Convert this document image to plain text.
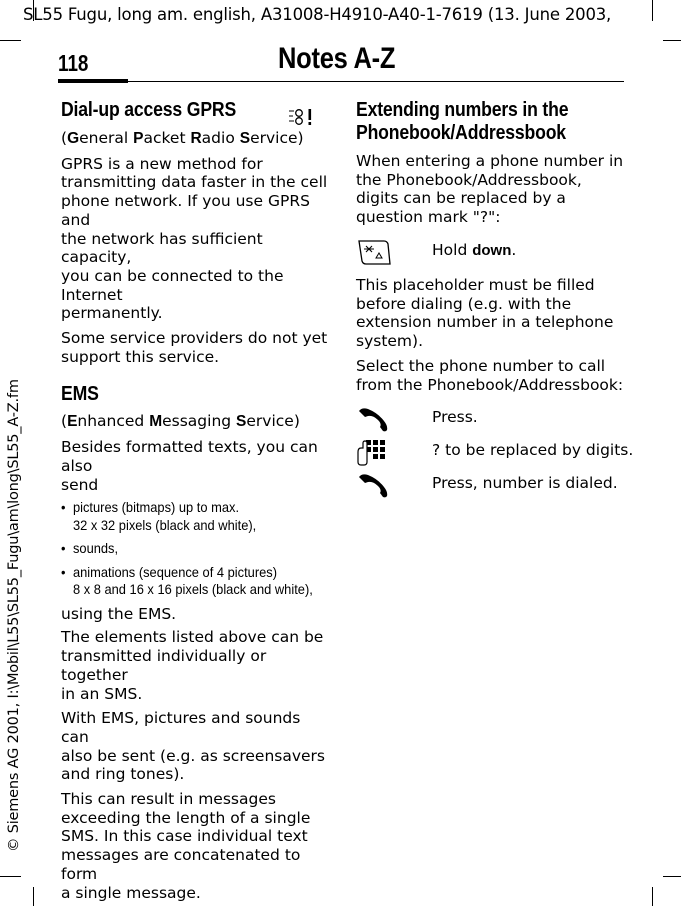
SL55 Fugu, long am. english, A31008-H4910-A40-1-7619 (13. June 2003,
118	Notes A-Z
© Siemens AG 2001, I:\Mobil\L55\SL55_Fugu\am\long\SL55_A-Z.fm
Dial-up access GPRS

(General Packet Radio Service)

GPRS is a new method for
transmitting data faster in the cell
phone network. If you use GPRS and
the network has sufficient capacity,
you can be connected to the Internet
permanently.

Some service providers do not yet
support this service.

EMS

(Enhanced Messaging Service)

Besides formatted texts, you can also
send

• pictures (bitmaps) up to max.
32 x 32 pixels (black and white),
• sounds,
• animations (sequence of 4 pictures)
8 x 8 and 16 x 16 pixels (black and white),

using the EMS.

The elements listed above can be
transmitted individually or together
in an SMS.

With EMS, pictures and sounds can
also be sent (e.g. as screensavers
and ring tones).

This can result in messages
exceeding the length of a single
SMS. In this case individual text
messages are concatenated to form
a single message.

Extending numbers in the
Phonebook/Addressbook

When entering a phone number in
the Phonebook/Addressbook,
digits can be replaced by a
question mark "?":

Hold down.

This placeholder must be filled
before dialing (e.g. with the
extension number in a telephone
system).

Select the phone number to call
from the Phonebook/Addressbook:

Press.
? to be replaced by digits.
Press, number is dialed.
